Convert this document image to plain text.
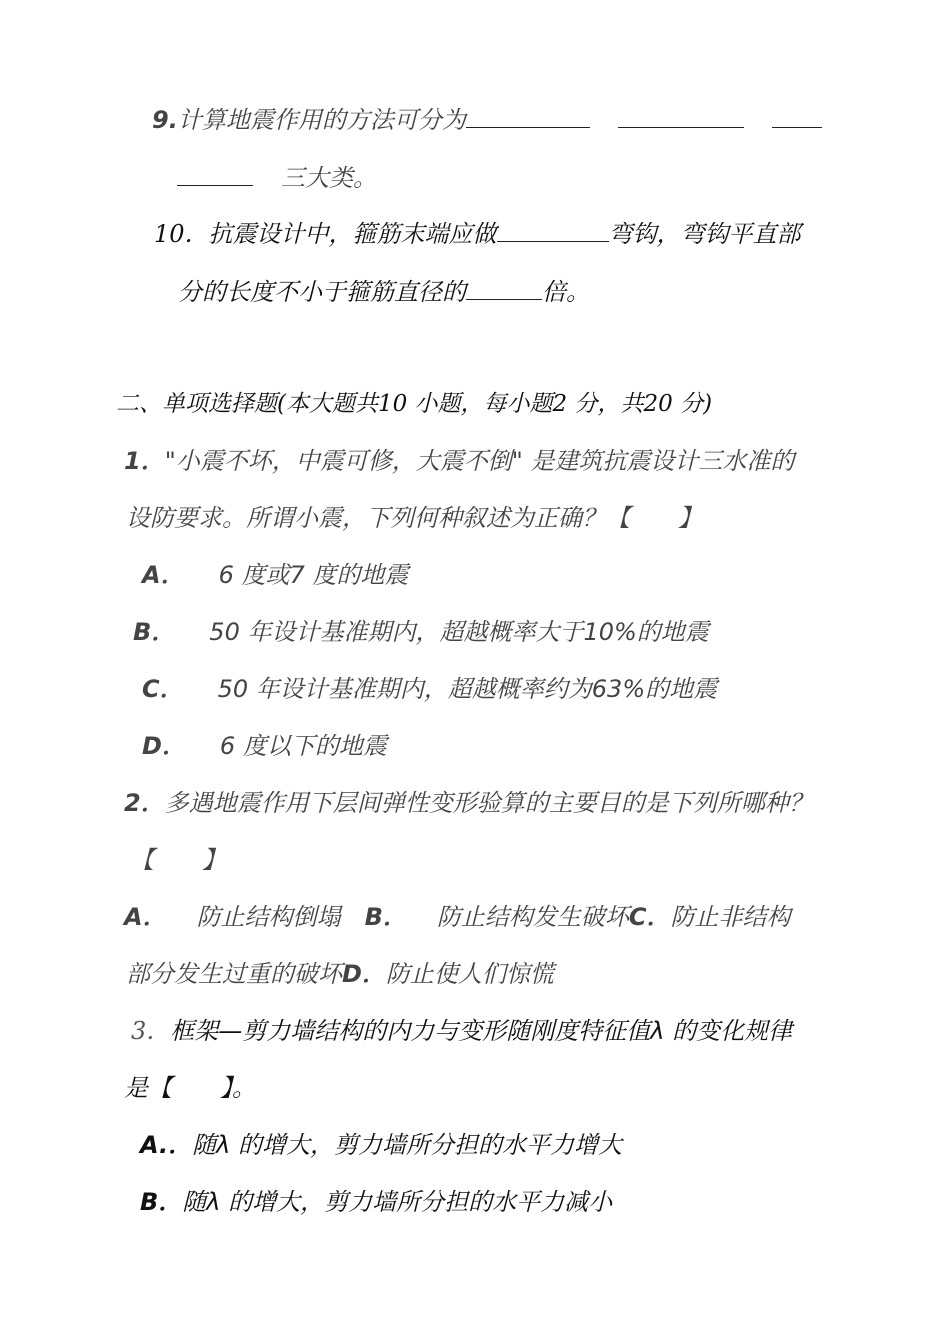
9.计算地震作用的方法可分为
三大类。
10．抗震设计中，箍筋末端应做	弯钩，弯钩平直部
分的长度不小于箍筋直径的	倍。
二、单项选择题(本大题共10 小题，每小题2 分，共20 分)
1．"小震不坏，中震可修，大震不倒" 是建筑抗震设计三水准的
设防要求。所谓小震，下列何种叙述为正确？【　　】
A． 6 度或7 度的地震
B． 50 年设计基准期内，超越概率大于10%的地震
C． 50 年设计基准期内，超越概率约为63%的地震
D． 6 度以下的地震
2．多遇地震作用下层间弹性变形验算的主要目的是下列所哪种？
【　　】
A． 防止结构倒塌 B． 防止结构发生破坏C．防止非结构
部分发生过重的破坏D．防止使人们惊慌
3．框架—剪力墙结构的内力与变形随刚度特征值λ 的变化规律
是【　　】。
A.．随λ 的增大，剪力墙所分担的水平力增大
B．随λ 的增大，剪力墙所分担的水平力减小
